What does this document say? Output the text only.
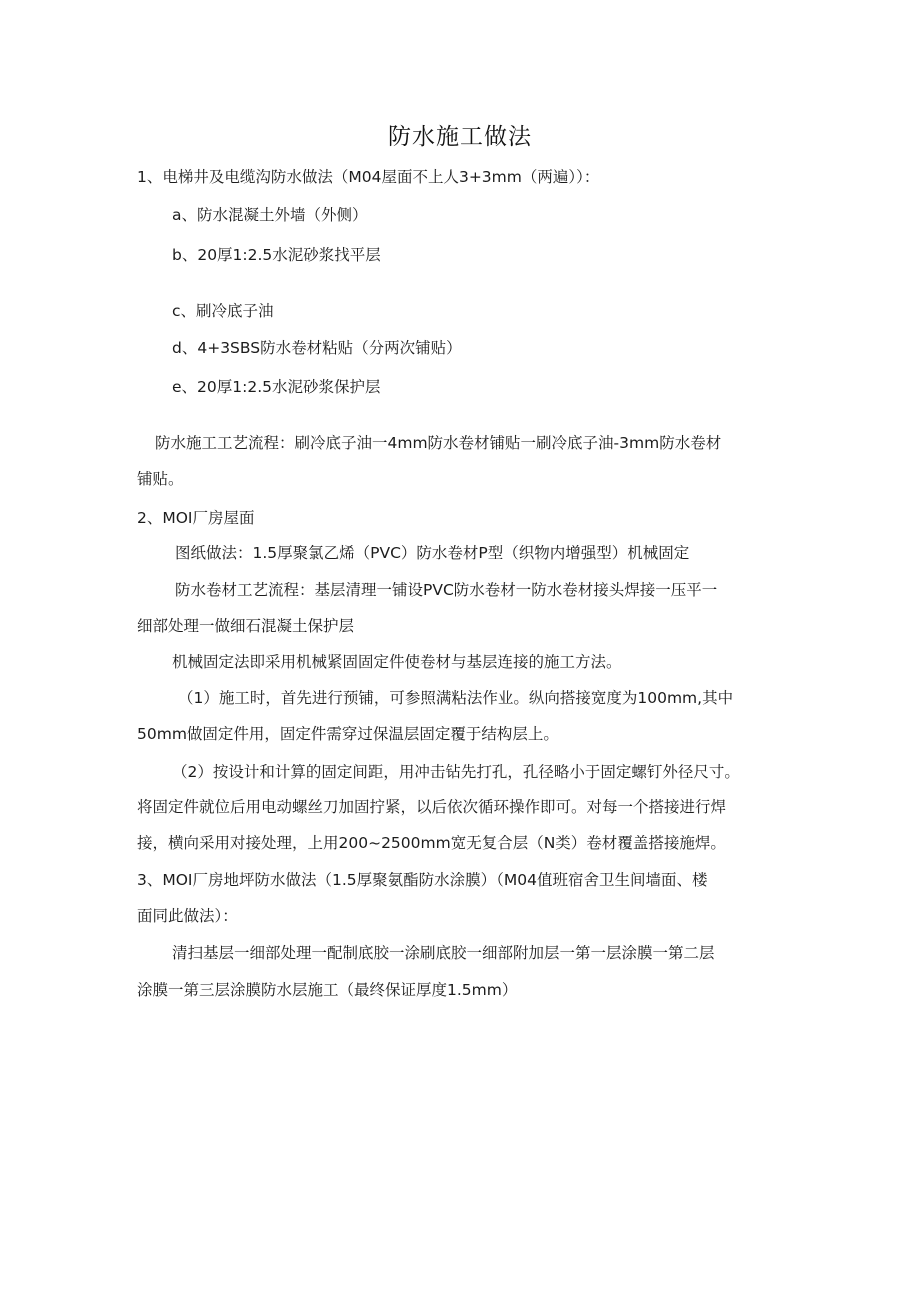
防水施工做法
1、电梯井及电缆沟防水做法（M04屋面不上人3+3mm（两遍））：
a、防水混凝土外墙（外侧）
b、20厚1:2.5水泥砂浆找平层
c、刷冷底子油
d、4+3SBS防水卷材粘贴（分两次铺贴）
e、20厚1:2.5水泥砂浆保护层
防水施工工艺流程：刷冷底子油一4mm防水卷材铺贴一刷冷底子油-3mm防水卷材
铺贴。
2、MOI厂房屋面
图纸做法：1.5厚聚氯乙烯（PVC）防水卷材P型（织物内增强型）机械固定
防水卷材工艺流程：基层清理一铺设PVC防水卷材一防水卷材接头焊接一压平一
细部处理一做细石混凝土保护层
机械固定法即采用机械紧固固定件使卷材与基层连接的施工方法。
（1）施工时，首先进行预铺，可参照满粘法作业。纵向搭接宽度为100mm,其中
50mm做固定件用，固定件需穿过保温层固定覆于结构层上。
（2）按设计和计算的固定间距，用冲击钻先打孔，孔径略小于固定螺钉外径尺寸。
将固定件就位后用电动螺丝刀加固拧紧，以后依次循环操作即可。对每一个搭接进行焊
接，横向采用对接处理，上用200~2500mm宽无复合层（N类）卷材覆盖搭接施焊。
3、MOI厂房地坪防水做法（1.5厚聚氨酯防水涂膜）（M04值班宿舍卫生间墙面、楼
面同此做法）：
清扫基层一细部处理一配制底胶一涂刷底胶一细部附加层一第一层涂膜一第二层
涂膜一第三层涂膜防水层施工（最终保证厚度1.5mm）
